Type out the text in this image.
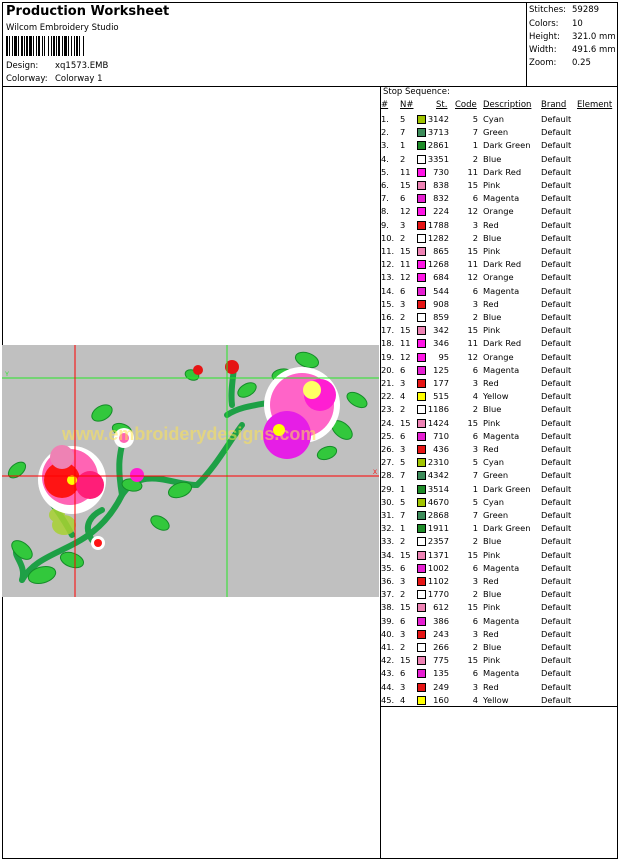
Production Worksheet
Wilcom Embroidery Studio
Design: xq1573.EMB
Colorway: Colorway 1
Stitches: 59289
Colors: 10
Height: 321.0 mm
Width: 491.6 mm
Zoom: 0.25
www.embroiderydesigns.com
Y
X
Stop Sequence:
# N#	St. Code Description Brand Element
1. 5	3142	5 Cyan	Default
2. 7	3713	7 Green	Default
3. 1	2861	1 Dark Green Default
4. 2	3351	2 Blue	Default
5. 11	730 11 Dark Red Default
6. 15	838 15 Pink	Default
7. 6	832	6 Magenta	Default
8. 12	224 12 Orange	Default
9. 3	1788	3 Red	Default
10. 2	1282	2 Blue	Default
11. 15	865 15 Pink	Default
12. 11 1268 11 Dark Red Default
13. 12	684 12 Orange	Default
14. 6	544	6 Magenta	Default
15. 3	908	3 Red	Default
16. 2	859	2 Blue	Default
17. 15	342 15 Pink	Default
18. 11	346 11 Dark Red Default
19. 12	95 12 Orange	Default
20. 6	125	6 Magenta	Default
21. 3	177	3 Red	Default
22. 4	515	4 Yellow	Default
23. 2	1186	2 Blue	Default
24. 15 1424 15 Pink	Default
25. 6	710	6 Magenta	Default
26. 3	436	3 Red	Default
27. 5	2310	5 Cyan	Default
28. 7	4342	7 Green	Default
29. 1	3514	1 Dark Green Default
30. 5	4670	5 Cyan	Default
31. 7	2868	7 Green	Default
32. 1	1911	1 Dark Green Default
33. 2	2357	2 Blue	Default
34. 15 1371 15 Pink	Default
35. 6	1002	6 Magenta	Default
36. 3	1102	3 Red	Default
37. 2	1770	2 Blue	Default
38. 15	612 15 Pink	Default
39. 6	386	6 Magenta	Default
40. 3	243	3 Red	Default
41. 2	266	2 Blue	Default
42. 15	775 15 Pink	Default
43. 6	135	6 Magenta	Default
44. 3	249	3 Red	Default
45. 4	160	4 Yellow	Default
